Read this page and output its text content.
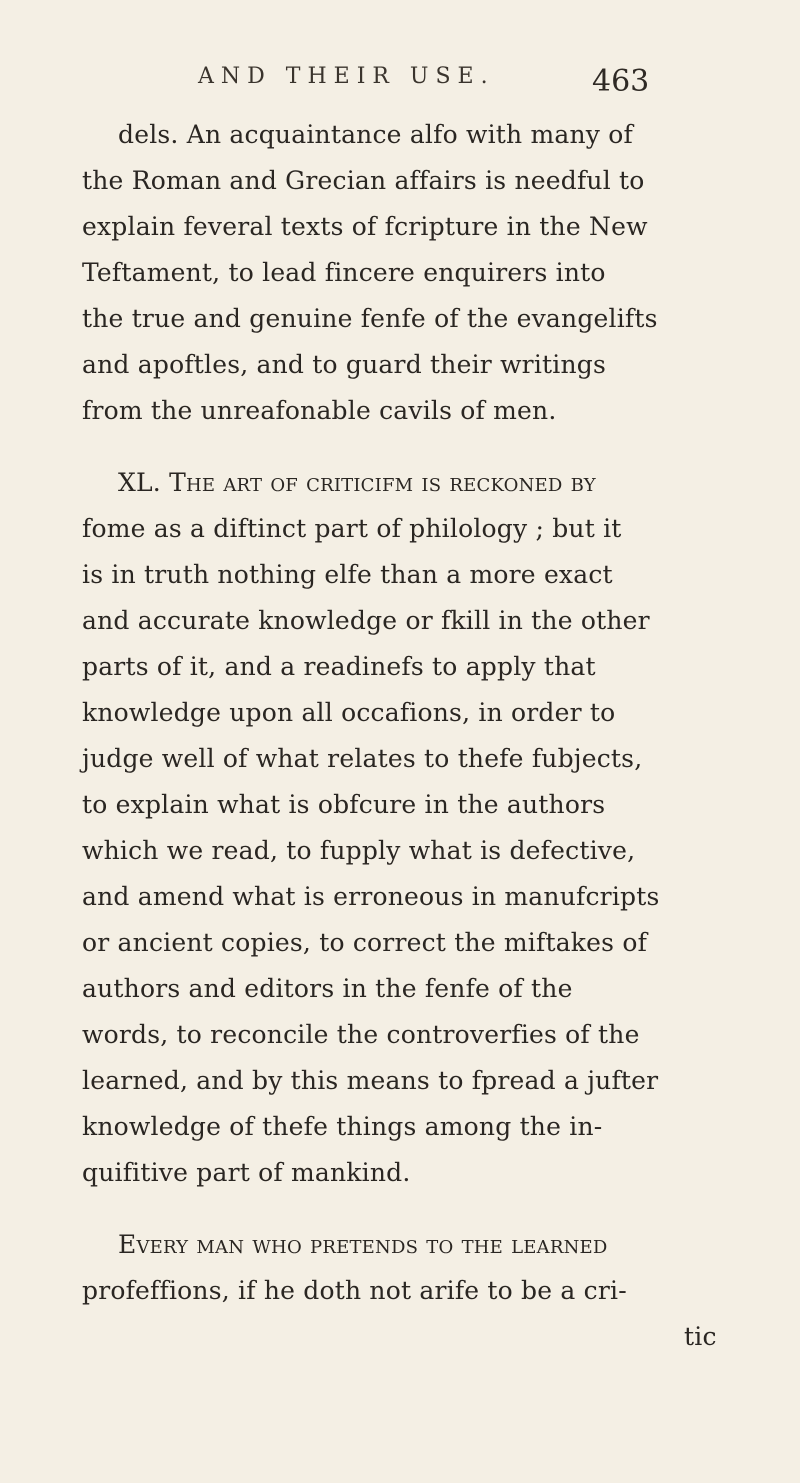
AND THEIR USE.	463
dels. An acquaintance alfo with many of
the Roman and Grecian affairs is needful to
explain feveral texts of fcripture in the New
Teftament, to lead fincere enquirers into
the true and genuine fenfe of the evangelifts
and apoftles, and to guard their writings
from the unreafonable cavils of men.
XL. The art of criticifm is reckoned by
fome as a diftinct part of philology ; but it
is in truth nothing elfe than a more exact
and accurate knowledge or fkill in the other
parts of it, and a readinefs to apply that
knowledge upon all occafions, in order to
judge well of what relates to thefe fubjects,
to explain what is obfcure in the authors
which we read, to fupply what is defective,
and amend what is erroneous in manufcripts
or ancient copies, to correct the miftakes of
authors and editors in the fenfe of the
words, to reconcile the controverfies of the
learned, and by this means to fpread a jufter
knowledge of thefe things among the in-
quifitive part of mankind.
Every man who pretends to the learned
profeffions, if he doth not arife to be a cri-
tic
